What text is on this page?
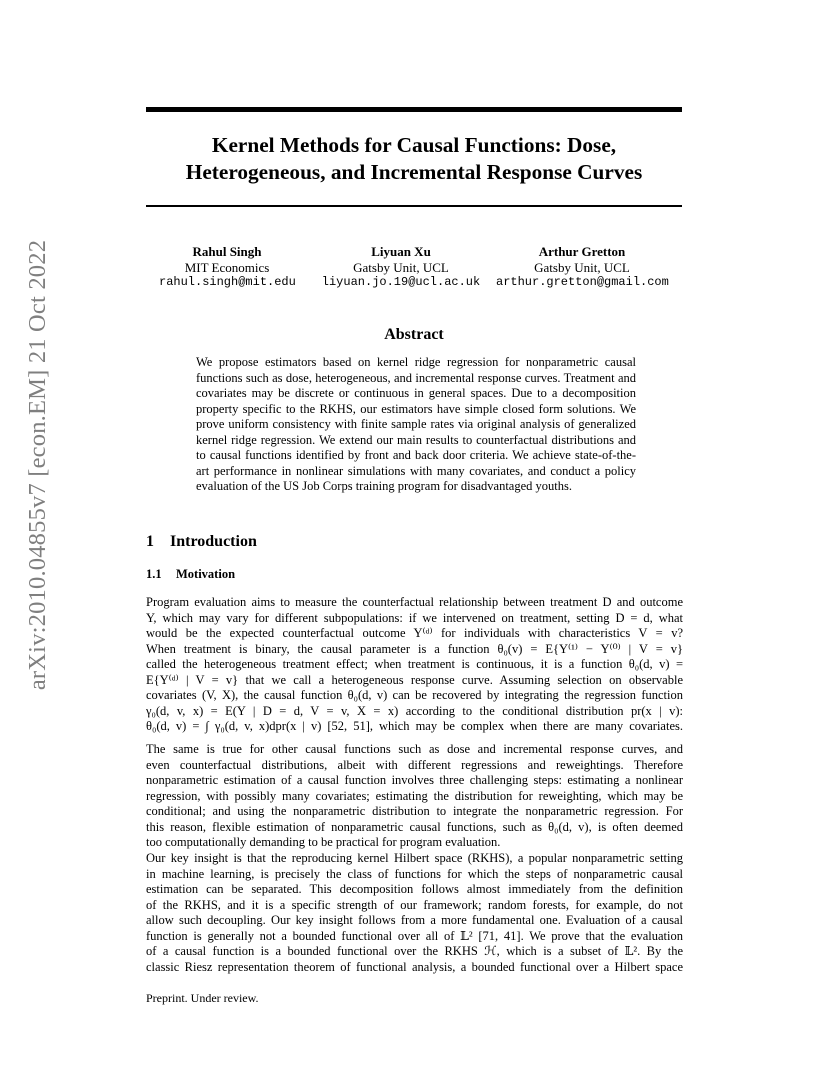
arXiv:2010.04855v7 [econ.EM] 21 Oct 2022
Kernel Methods for Causal Functions: Dose, Heterogeneous, and Incremental Response Curves
Rahul Singh
MIT Economics
rahul.singh@mit.edu
Liyuan Xu
Gatsby Unit, UCL
liyuan.jo.19@ucl.ac.uk
Arthur Gretton
Gatsby Unit, UCL
arthur.gretton@gmail.com
Abstract
We propose estimators based on kernel ridge regression for nonparametric causal functions such as dose, heterogeneous, and incremental response curves. Treatment and covariates may be discrete or continuous in general spaces. Due to a decomposition property specific to the RKHS, our estimators have simple closed form solutions. We prove uniform consistency with finite sample rates via original analysis of generalized kernel ridge regression. We extend our main results to counterfactual distributions and to causal functions identified by front and back door criteria. We achieve state-of-the-art performance in nonlinear simulations with many covariates, and conduct a policy evaluation of the US Job Corps training program for disadvantaged youths.
1 Introduction
1.1 Motivation
Program evaluation aims to measure the counterfactual relationship between treatment D and outcome
Y, which may vary for different subpopulations: if we intervened on treatment, setting D = d, what
would be the expected counterfactual outcome Y⁽ᵈ⁾ for individuals with characteristics V = v?
When treatment is binary, the causal parameter is a function θ₀(v) = E{Y⁽¹⁾ − Y⁽⁰⁾ | V = v}
called the heterogeneous treatment effect; when treatment is continuous, it is a function θ₀(d, v) =
E{Y⁽ᵈ⁾ | V = v} that we call a heterogeneous response curve. Assuming selection on observable
covariates (V, X), the causal function θ₀(d, v) can be recovered by integrating the regression function
γ₀(d, v, x) = E(Y | D = d, V = v, X = x) according to the conditional distribution pr(x | v):
θ₀(d, v) = ∫ γ₀(d, v, x)dpr(x | v) [52, 51], which may be complex when there are many covariates.
The same is true for other causal functions such as dose and incremental response curves, and
even counterfactual distributions, albeit with different regressions and reweightings. Therefore
nonparametric estimation of a causal function involves three challenging steps: estimating a nonlinear
regression, with possibly many covariates; estimating the distribution for reweighting, which may be
conditional; and using the nonparametric distribution to integrate the nonparametric regression. For
this reason, flexible estimation of nonparametric causal functions, such as θ₀(d, v), is often deemed
too computationally demanding to be practical for program evaluation.
Our key insight is that the reproducing kernel Hilbert space (RKHS), a popular nonparametric setting
in machine learning, is precisely the class of functions for which the steps of nonparametric causal
estimation can be separated. This decomposition follows almost immediately from the definition
of the RKHS, and it is a specific strength of our framework; random forests, for example, do not
allow such decoupling. Our key insight follows from a more fundamental one. Evaluation of a causal
function is generally not a bounded functional over all of 𝕃² [71, 41]. We prove that the evaluation
of a causal function is a bounded functional over the RKHS ℋ, which is a subset of 𝕃². By the
classic Riesz representation theorem of functional analysis, a bounded functional over a Hilbert space
Preprint. Under review.
